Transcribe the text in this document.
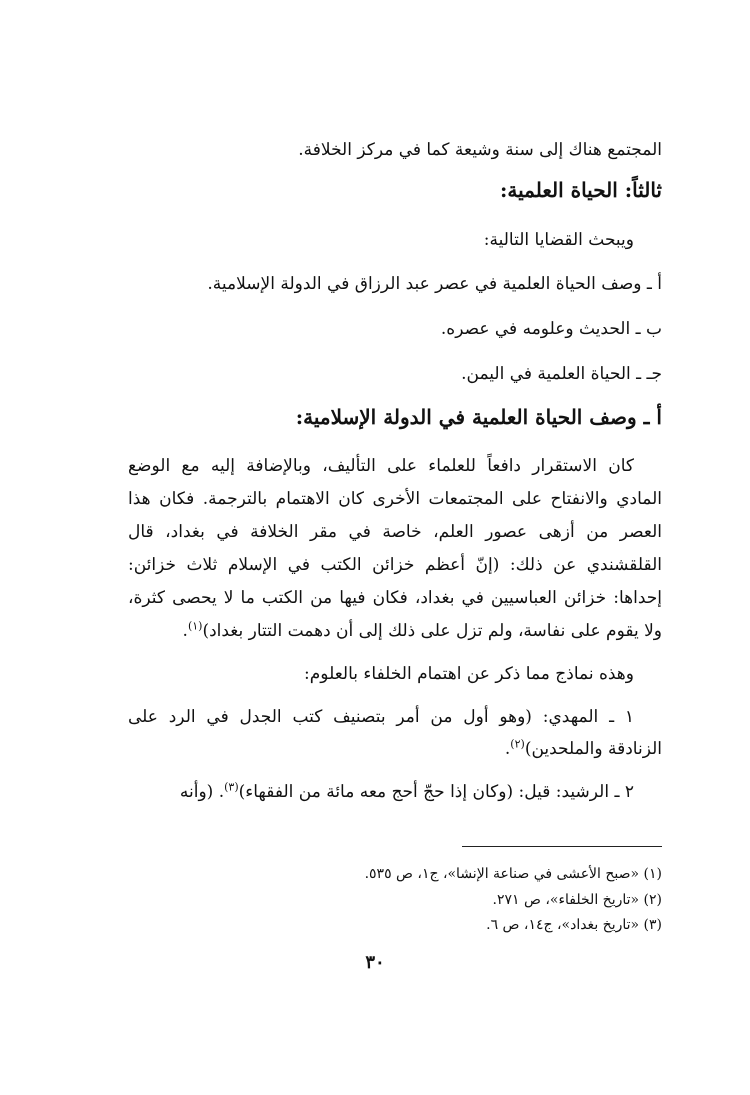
المجتمع هناك إلى سنة وشيعة كما في مركز الخلافة.
ثالثاً: الحياة العلمية:
ويبحث القضايا التالية:
أ ـ وصف الحياة العلمية في عصر عبد الرزاق في الدولة الإسلامية.
ب ـ الحديث وعلومه في عصره.
جـ ـ الحياة العلمية في اليمن.
أ ـ وصف الحياة العلمية في الدولة الإسلامية:
كان الاستقرار دافعاً للعلماء على التأليف، وبالإضافة إليه مع الوضع
المادي والانفتاح على المجتمعات الأخرى كان الاهتمام بالترجمة. فكان هذا
العصر من أزهى عصور العلم، خاصة في مقر الخلافة في بغداد، قال
القلقشندي عن ذلك: (إنّ أعظم خزائن الكتب في الإسلام ثلاث خزائن:
إحداها: خزائن العباسيين في بغداد، فكان فيها من الكتب ما لا يحصى كثرة،
ولا يقوم على نفاسة، ولم تزل على ذلك إلى أن دهمت التتار بغداد)$^{(١)}$.
وهذه نماذج مما ذكر عن اهتمام الخلفاء بالعلوم:
١ ـ المهدي: (وهو أول من أمر بتصنيف كتب الجدل في الرد على
الزنادقة والملحدين)$^{(٢)}$.
٢ ـ الرشيد: قيل: (وكان إذا حجّ أحج معه مائة من الفقهاء)$^{(٣)}$. (وأنه
(١) «صبح الأعشى في صناعة الإنشا»، ج١، ص ٥٣٥.
(٢) «تاريخ الخلفاء»، ص ٢٧١.
(٣) «تاريخ بغداد»، ج١٤، ص ٦.
٣٠
